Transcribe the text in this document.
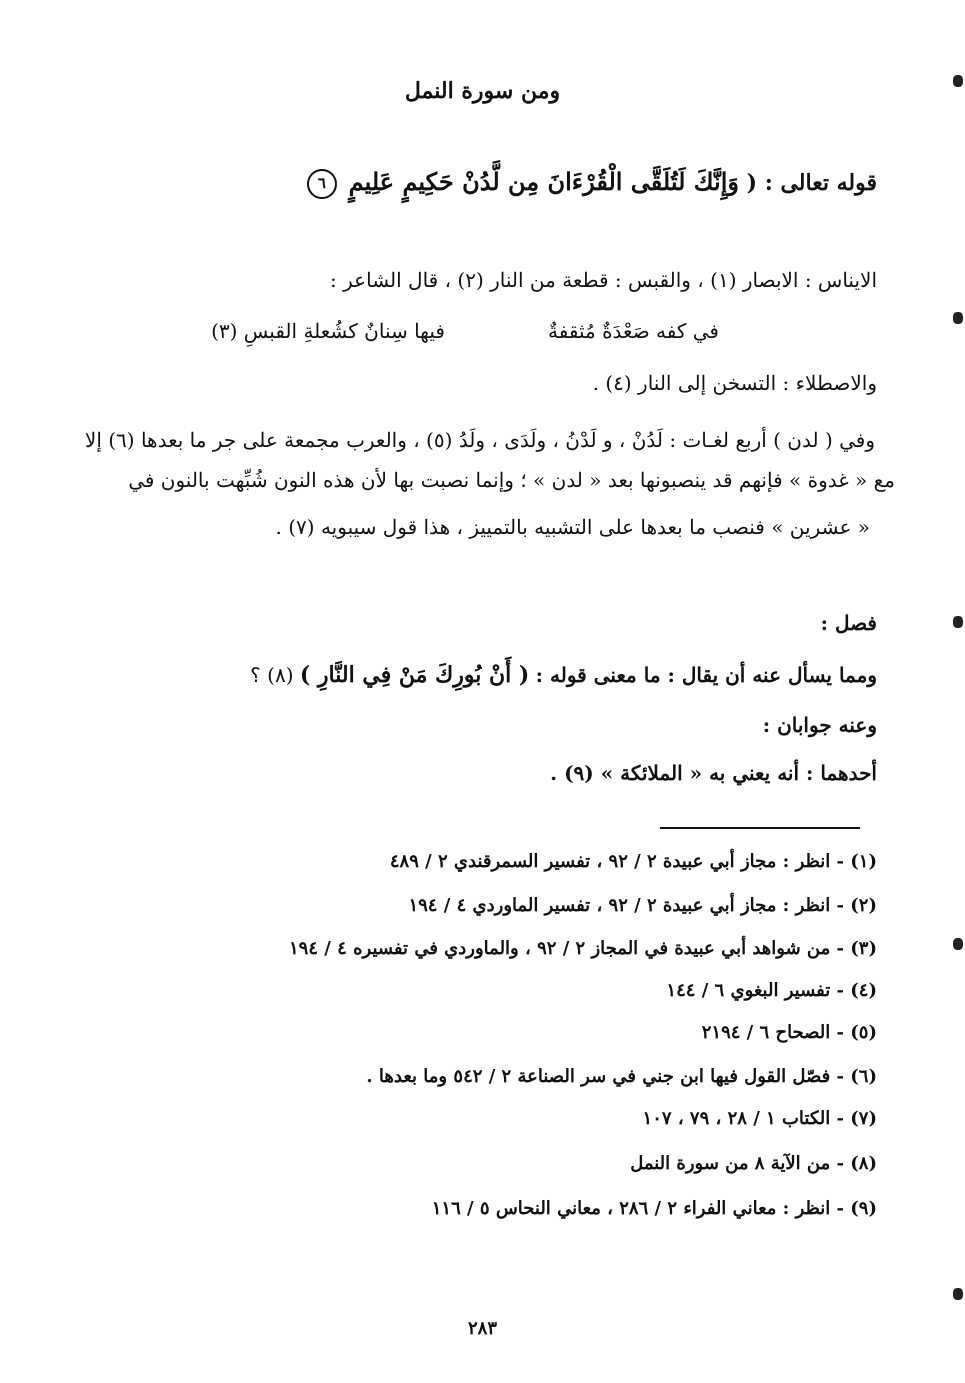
ومن سورة النمل
قوله تعالى : ( وَإِنَّكَ لَتُلَقَّى الْقُرْءَانَ مِن لَّدُنْ حَكِيمٍ عَلِيمٍ ٦
الايناس : الابصار (١) ، والقبس : قطعة من النار (٢) ، قال الشاعر :
في كفه صَعْدَةٌ مُثقفةٌ
فيها سِنانٌ كشُعلةِ القبسِ (٣)
والاصطلاء : التسخن إلى النار (٤) .
وفي ( لدن ) أربع لغـات : لَدُنْ ، و لَدْنُ ، ولَدَى ، ولَدُ (٥) ، والعرب مجمعة على جر ما بعدها (٦) إلا
مع « غدوة » فإنهم قد ينصبونها بعد « لدن » ؛ وإنما نصبت بها لأن هذه النون شُبِّهت بالنون في
« عشرين » فنصب ما بعدها على التشبيه بالتمييز ، هذا قول سيبويه (٧) .
فصل :
ومما يسأل عنه أن يقال : ما معنى قوله : ( أَنْ بُورِكَ مَنْ فِي النَّارِ ) (٨) ؟
وعنه جوابان :
أحدهما : أنه يعني به « الملائكة » (٩) .
(١) - انظر : مجاز أبي عبيدة ٢ / ٩٢ ، تفسير السمرقندي ٢ / ٤٨٩
(٢) - انظر : مجاز أبي عبيدة ٢ / ٩٢ ، تفسير الماوردي ٤ / ١٩٤
(٣) - من شواهد أبي عبيدة في المجاز ٢ / ٩٢ ، والماوردي في تفسيره ٤ / ١٩٤
(٤) - تفسير البغوي ٦ / ١٤٤
(٥) - الصحاح ٦ / ٢١٩٤
(٦) - فصّل القول فيها ابن جني في سر الصناعة ٢ / ٥٤٢ وما بعدها .
(٧) - الكتاب ١ / ٢٨ ، ٧٩ ، ١٠٧
(٨) - من الآية ٨ من سورة النمل
(٩) - انظر : معاني الفراء ٢ / ٢٨٦ ، معاني النحاس ٥ / ١١٦
٢٨٣
